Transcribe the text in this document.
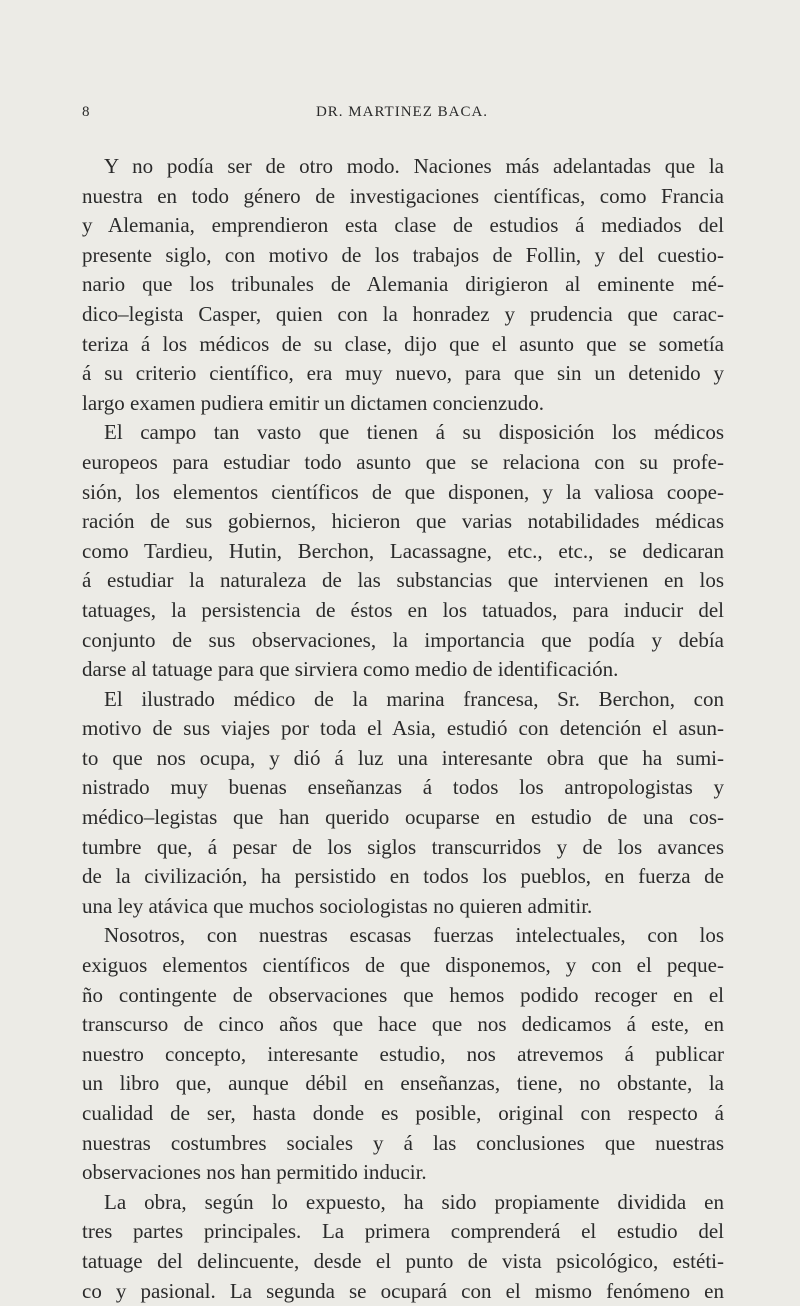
8	DR. MARTINEZ BACA.
Y no podía ser de otro modo. Naciones más adelantadas que la
nuestra en todo género de investigaciones científicas, como Francia
y Alemania, emprendieron esta clase de estudios á mediados del
presente siglo, con motivo de los trabajos de Follin, y del cuestio-
nario que los tribunales de Alemania dirigieron al eminente mé-
dico–legista Casper, quien con la honradez y prudencia que carac-
teriza á los médicos de su clase, dijo que el asunto que se sometía
á su criterio científico, era muy nuevo, para que sin un detenido y
largo examen pudiera emitir un dictamen concienzudo.
El campo tan vasto que tienen á su disposición los médicos
europeos para estudiar todo asunto que se relaciona con su profe-
sión, los elementos científicos de que disponen, y la valiosa coope-
ración de sus gobiernos, hicieron que varias notabilidades médicas
como Tardieu, Hutin, Berchon, Lacassagne, etc., etc., se dedicaran
á estudiar la naturaleza de las substancias que intervienen en los
tatuages, la persistencia de éstos en los tatuados, para inducir del
conjunto de sus observaciones, la importancia que podía y debía
darse al tatuage para que sirviera como medio de identificación.
El ilustrado médico de la marina francesa, Sr. Berchon, con
motivo de sus viajes por toda el Asia, estudió con detención el asun-
to que nos ocupa, y dió á luz una interesante obra que ha sumi-
nistrado muy buenas enseñanzas á todos los antropologistas y
médico–legistas que han querido ocuparse en estudio de una cos-
tumbre que, á pesar de los siglos transcurridos y de los avances
de la civilización, ha persistido en todos los pueblos, en fuerza de
una ley atávica que muchos sociologistas no quieren admitir.
Nosotros, con nuestras escasas fuerzas intelectuales, con los
exiguos elementos científicos de que disponemos, y con el peque-
ño contingente de observaciones que hemos podido recoger en el
transcurso de cinco años que hace que nos dedicamos á este, en
nuestro concepto, interesante estudio, nos atrevemos á publicar
un libro que, aunque débil en enseñanzas, tiene, no obstante, la
cualidad de ser, hasta donde es posible, original con respecto á
nuestras costumbres sociales y á las conclusiones que nuestras
observaciones nos han permitido inducir.
La obra, según lo expuesto, ha sido propiamente dividida en
tres partes principales. La primera comprenderá el estudio del
tatuage del delincuente, desde el punto de vista psicológico, estéti-
co y pasional. La segunda se ocupará con el mismo fenómeno en
